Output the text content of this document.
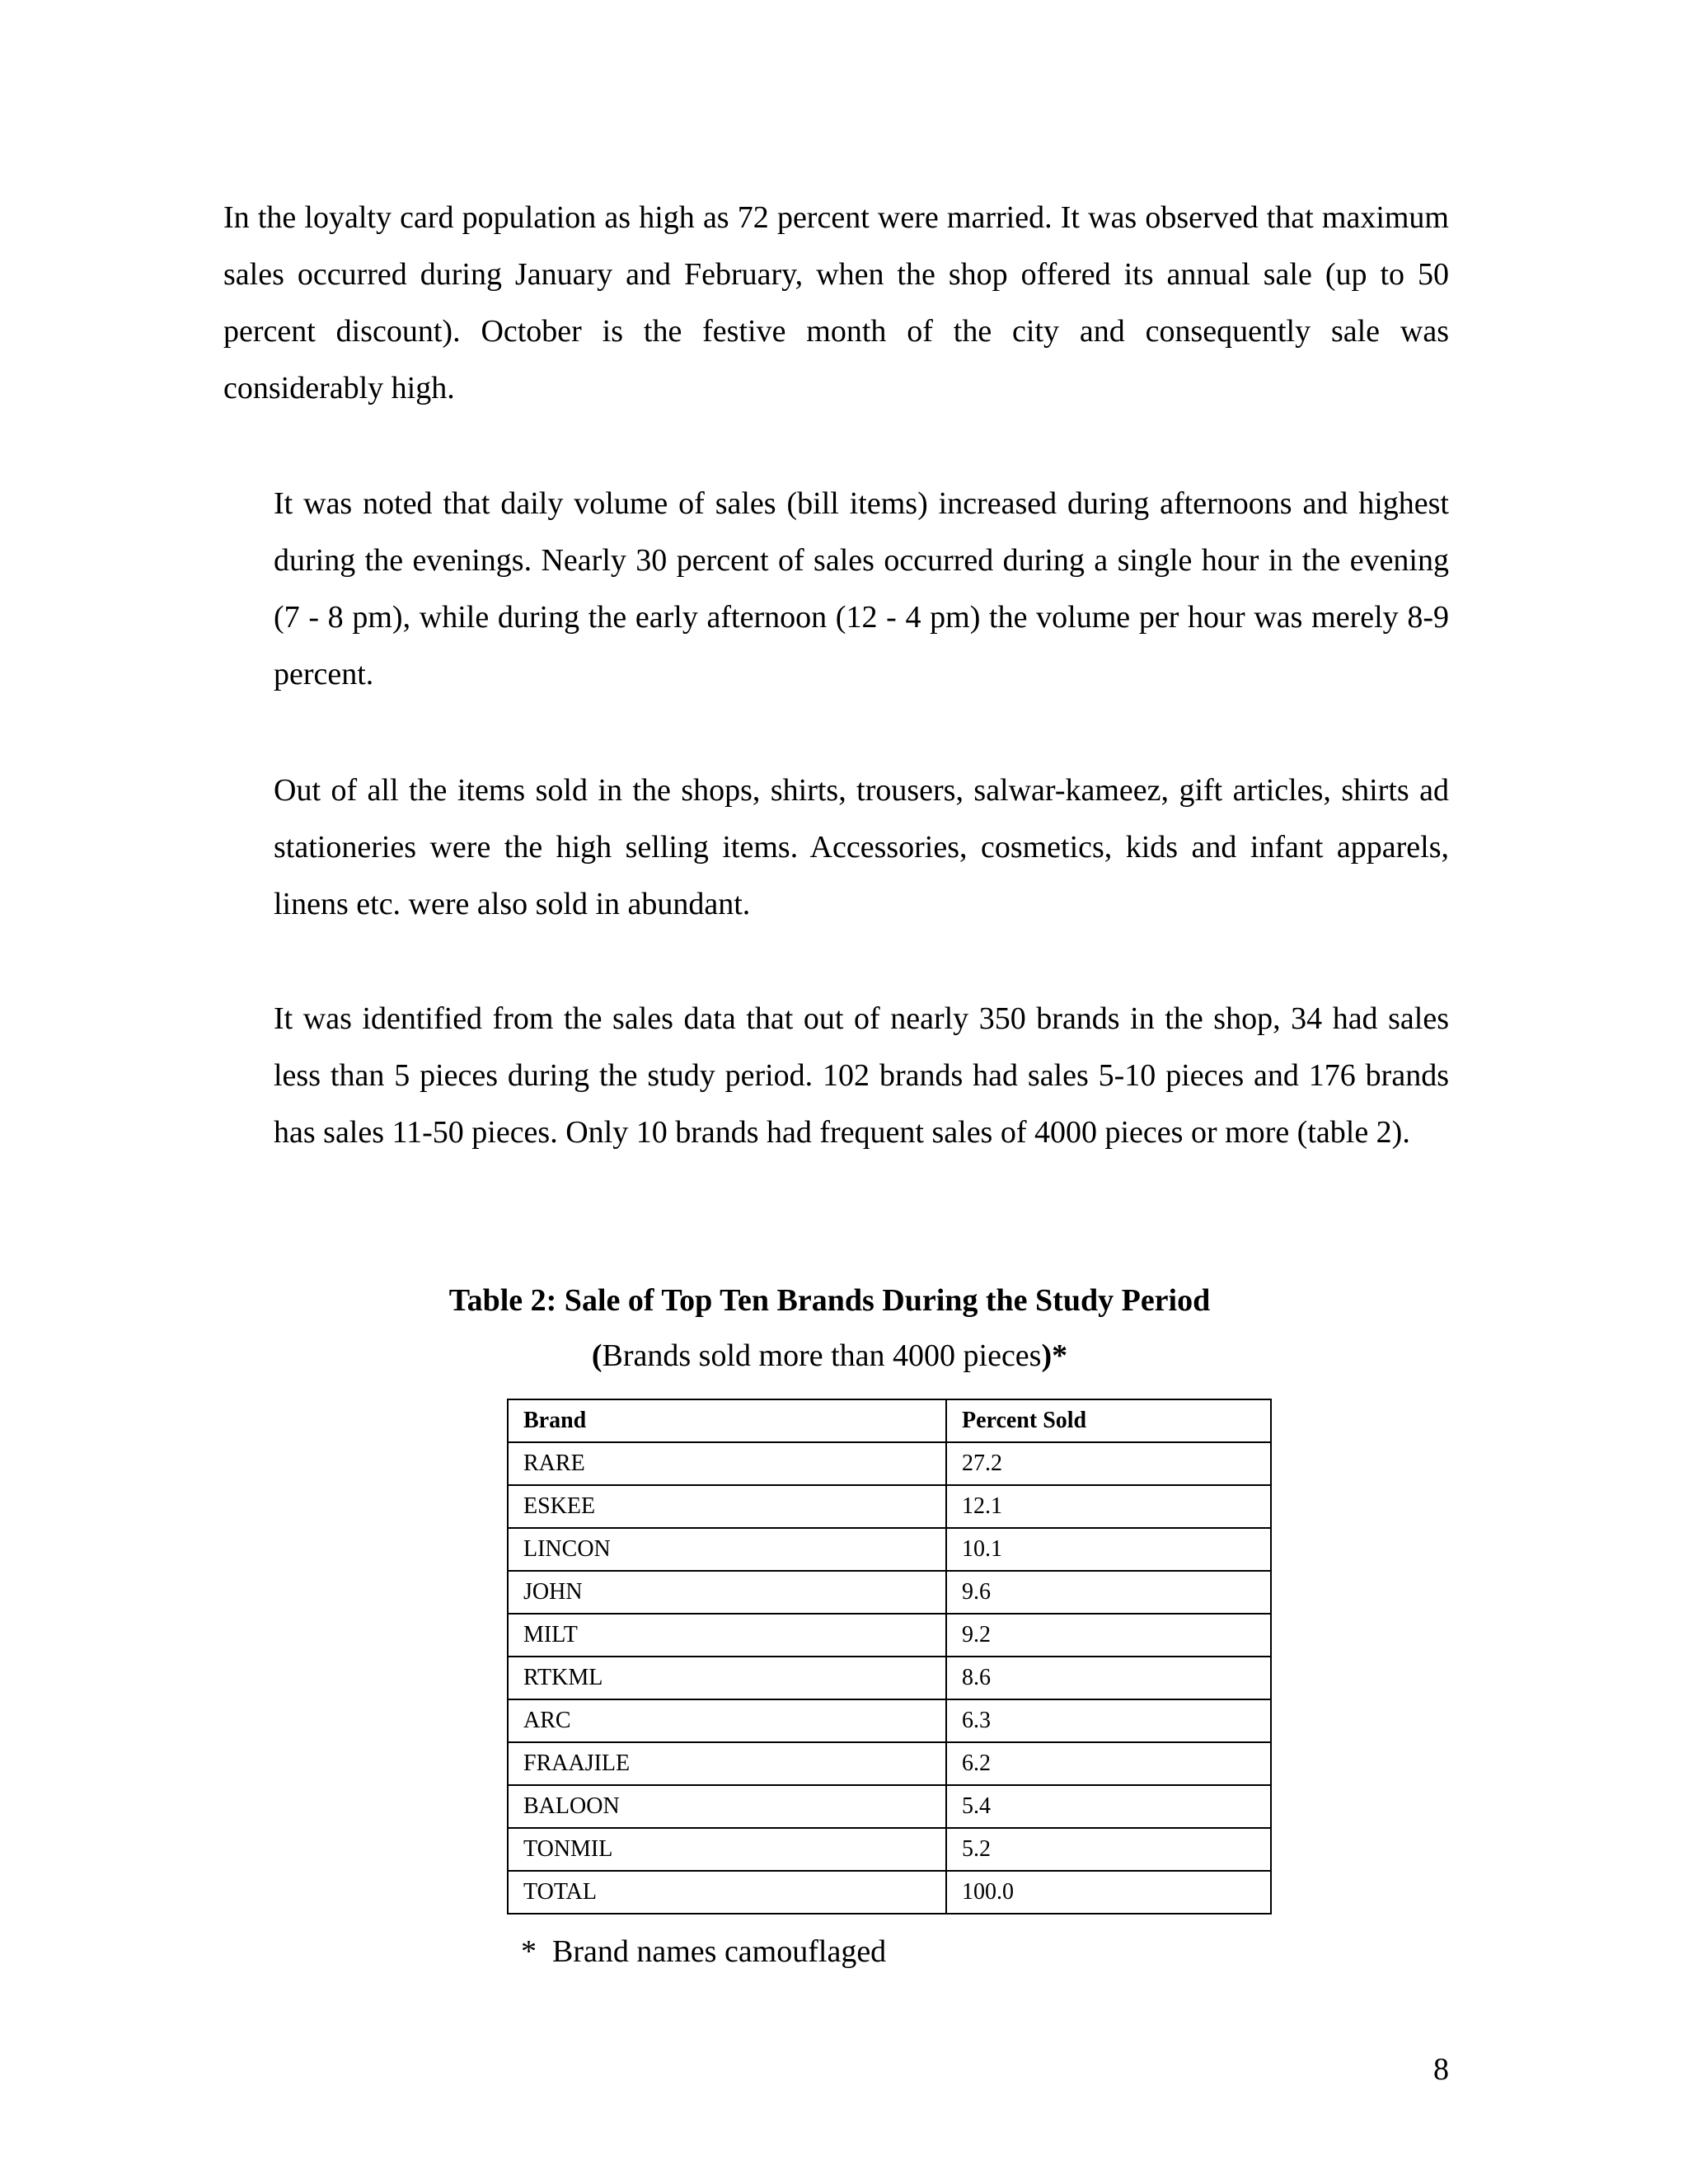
In the loyalty card population as high as 72 percent were married. It was observed that maximum sales occurred during January and February, when the shop offered its annual sale (up to 50 percent discount). October is the festive month of the city and consequently sale was considerably high.

It was noted that daily volume of sales (bill items) increased during afternoons and highest during the evenings. Nearly 30 percent of sales occurred during a single hour in the evening (7 - 8 pm), while during the early afternoon (12 - 4 pm) the volume per hour was merely 8-9 percent.

Out of all the items sold in the shops, shirts, trousers, salwar-kameez, gift articles, shirts ad stationeries were the high selling items. Accessories, cosmetics, kids and infant apparels, linens etc. were also sold in abundant.

It was identified from the sales data that out of nearly 350 brands in the shop, 34 had sales less than 5 pieces during the study period. 102 brands had sales 5-10 pieces and 176 brands has sales 11-50 pieces. Only 10 brands had frequent sales of 4000 pieces or more (table 2).

Table 2: Sale of Top Ten Brands During the Study Period

(Brands sold more than 4000 pieces)*

Brand	Percent Sold
RARE	27.2
ESKEE	12.1
LINCON	10.1
JOHN	9.6
MILT	9.2
RTKML	8.6
ARC	6.3
FRAAJILE	6.2
BALOON	5.4
TONMIL	5.2
TOTAL	100.0

*  Brand names camouflaged

8
